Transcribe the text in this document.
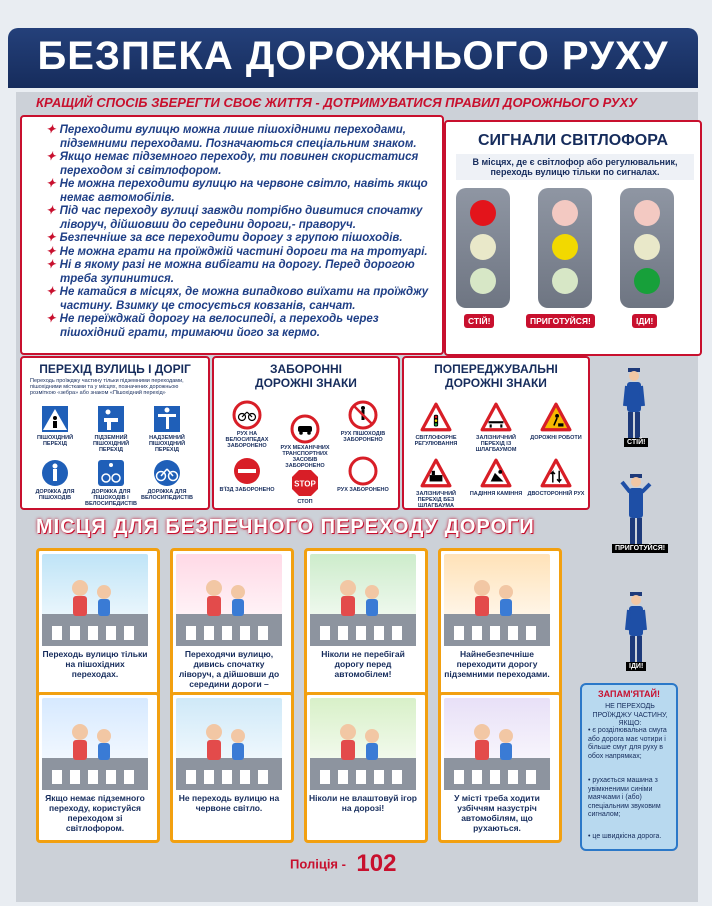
БЕЗПЕКА ДОРОЖНЬОГО РУХУ
КРАЩИЙ СПОСІБ ЗБЕРЕГТИ СВОЄ ЖИТТЯ - ДОТРИМУВАТИСЯ ПРАВИЛ ДОРОЖНЬОГО РУХУ
✦ Переходити вулицю можна лише пішохідними переходами,
підземними переходами. Позначаються спеціальним знаком.
✦ Якщо немає підземного переходу, ти повинен скористатися
переходом зі світлофором.
✦ Не можна переходити вулицю на червоне світло, навіть якщо
немає автомобілів.
✦ Під час переходу вулиці завжди потрібно дивитися спочатку
ліворуч, дійшовши до середини дороги,- праворуч.
✦ Безпечніше за все переходити дорогу з групою пішоходів.
✦ Не можна грати на проїжджій частині дороги та на тротуарі.
✦ Ні в якому разі не можна вибігати на дорогу. Перед дорогою
треба зупинитися.
✦ Не катайся в місцях, де можна випадково виїхати на проїжджу
частину. Взимку це стосується ковзанів, санчат.
✦ Не переїжджай дорогу на велосипеді, а переходь через
пішохідний грати, тримаючи його за кермо.
СИГНАЛИ СВІТЛОФОРА
В місцях, де є світлофор або регулювальник, переходь вулицю тільки по сигналах.
СТІЙ!	ПРИГОТУЙСЯ!	ІДИ!
ПЕРЕХІД ВУЛИЦЬ І ДОРІГ
Переходь проїжджу частину тільки підземними переходами, пішохідними містками та у місцях, позначених дорожньою розміткою «зебра» або знаком «Пішохідний перехід»
ПІШОХІДНИЙ ПЕРЕХІД
ПІДЗЕМНИЙ ПІШОХІДНИЙ ПЕРЕХІД
НАДЗЕМНИЙ ПІШОХІДНИЙ ПЕРЕХІД
ДОРІЖКА ДЛЯ ПІШОХОДІВ
ДОРІЖКА ДЛЯ ПІШОХОДІВ І ВЕЛОСИПЕДИСТІВ
ДОРІЖКА ДЛЯ ВЕЛОСИПЕДИСТІВ
ЗАБОРОННІ
ДОРОЖНІ ЗНАКИ
РУХ НА ВЕЛОСИПЕДАХ ЗАБОРОНЕНО	РУХ МЕХАНІЧНИХ ТРАНСПОРТНИХ ЗАСОБІВ ЗАБОРОНЕНО
РУХ ПІШОХОДІВ ЗАБОРОНЕНО
В'ЇЗД ЗАБОРОНЕНО
STOP
СТОП
РУХ ЗАБОРОНЕНО
ПОПЕРЕДЖУВАЛЬНІ
ДОРОЖНІ ЗНАКИ
СВІТЛОФОРНЕ РЕГУЛЮВАННЯ
ЗАЛІЗНИЧНИЙ ПЕРЕХІД ІЗ ШЛАГБАУМОМ
ДОРОЖНІ РОБОТИ
ЗАЛІЗНИЧНИЙ ПЕРЕХІД БЕЗ ШЛАГБАУМА
ПАДІННЯ КАМІННЯ ДВОСТОРОННІЙ РУХ
СТІЙ!
ПРИГОТУЙСЯ!
ІДИ!
МІСЦЯ ДЛЯ БЕЗПЕЧНОГО ПЕРЕХОДУ ДОРОГИ
Переходь вулицю тільки на пішохідних переходах.
Переходячи вулицю, дивись спочатку ліворуч, а дійшовши до середини дороги –
Ніколи не перебігай дорогу перед автомобілем!
Найнебезпечніше переходити дорогу підземними переходами.
Якщо немає підземного переходу, користуйся переходом зі світлофором.
Не переходь вулицю на червоне світло.
Ніколи не влаштовуй ігор на дорозі!
У місті треба ходити узбіччям назустріч автомобілям, що рухаються.
ЗАПАМ'ЯТАЙ!
НЕ ПЕРЕХОДЬ ПРОЇЖДЖУ ЧАСТИНУ, ЯКЩО:
• є розділювальна смуга або дорога має чотири і більше смуг для руху в обох напрямках;
• рухається машина з увімкненими синіми маячками і (або) спеціальним звуковим сигналом;
• це швидкісна дорога.
Поліція - 102
